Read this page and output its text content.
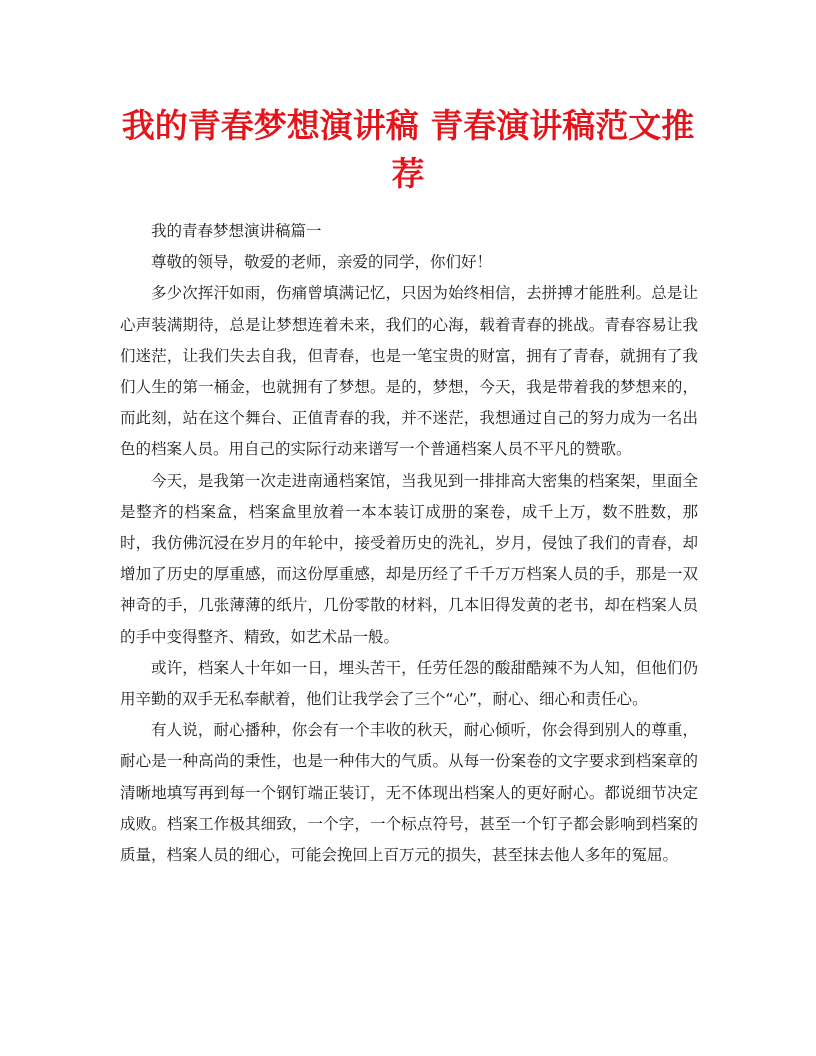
我的青春梦想演讲稿 青春演讲稿范文推荐

我的青春梦想演讲稿篇一

尊敬的领导，敬爱的老师，亲爱的同学，你们好！

多少次挥汗如雨，伤痛曾填满记忆，只因为始终相信，去拼搏才能胜利。总是让心声装满期待，总是让梦想连着未来，我们的心海，载着青春的挑战。青春容易让我们迷茫，让我们失去自我，但青春，也是一笔宝贵的财富，拥有了青春，就拥有了我们人生的第一桶金，也就拥有了梦想。是的，梦想，今天，我是带着我的梦想来的，而此刻，站在这个舞台、正值青春的我，并不迷茫，我想通过自己的努力成为一名出色的档案人员。用自己的实际行动来谱写一个普通档案人员不平凡的赞歌。

今天，是我第一次走进南通档案馆，当我见到一排排高大密集的档案架，里面全是整齐的档案盒，档案盒里放着一本本装订成册的案卷，成千上万，数不胜数，那时，我仿佛沉浸在岁月的年轮中，接受着历史的洗礼，岁月，侵蚀了我们的青春，却增加了历史的厚重感，而这份厚重感，却是历经了千千万万档案人员的手，那是一双神奇的手，几张薄薄的纸片，几份零散的材料，几本旧得发黄的老书，却在档案人员的手中变得整齐、精致，如艺术品一般。

或许，档案人十年如一日，埋头苦干，任劳任怨的酸甜酷辣不为人知，但他们仍用辛勤的双手无私奉献着，他们让我学会了三个“心”，耐心、细心和责任心。

有人说，耐心播种，你会有一个丰收的秋天，耐心倾听，你会得到别人的尊重，耐心是一种高尚的秉性，也是一种伟大的气质。从每一份案卷的文字要求到档案章的清晰地填写再到每一个钢钉端正装订，无不体现出档案人的更好耐心。都说细节决定成败。档案工作极其细致，一个字，一个标点符号，甚至一个钉子都会影响到档案的质量，档案人员的细心，可能会挽回上百万元的损失，甚至抹去他人多年的冤屈。
